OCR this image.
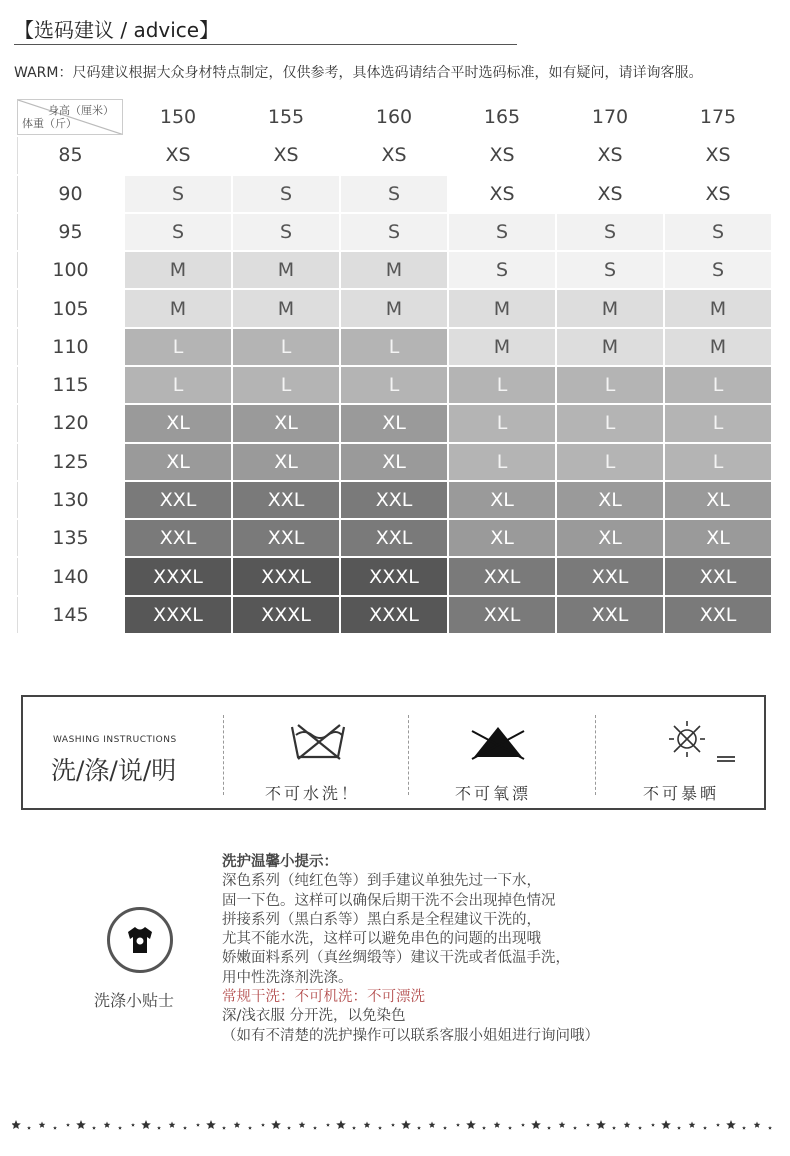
【选码建议 / advice】
WARM：尺码建议根据大众身材特点制定，仅供参考，具体选码请结合平时选码标准，如有疑问，请详询客服。
身高（厘米）
体重（斤）	150	155	160	165	170	175
85	XS	XS	XS	XS	XS	XS
90	S	S	S	XS	XS	XS
95	S	S	S	S	S	S
100	M	M	M	S	S	S
105	M	M	M	M	M	M
110	L	L	L	M	M	M
115	L	L	L	L	L	L
120	XL	XL	XL	L	L	L
125	XL	XL	XL	L	L	L
130	XXL	XXL	XXL	XL	XL	XL
135	XXL	XXL	XXL	XL	XL	XL
140	XXXL	XXXL	XXXL	XXL	XXL	XXL
145	XXXL	XXXL	XXXL	XXL	XXL	XXL
WASHING INSTRUCTIONS
洗/涤/说/明
不可水洗！	不可氧漂	不可暴晒
洗涤小贴士
洗护温馨小提示：
深色系列（纯红色等）到手建议单独先过一下水，
固一下色。这样可以确保后期干洗不会出现掉色情况
拼接系列（黑白系等）黑白系是全程建议干洗的，
尤其不能水洗，这样可以避免串色的问题的出现哦
娇嫩面料系列（真丝绸缎等）建议干洗或者低温手洗，
用中性洗涤剂洗涤。
常规干洗：不可机洗：不可漂洗
深/浅衣服 分开洗，以免染色
（如有不清楚的洗护操作可以联系客服小姐姐进行询问哦）
